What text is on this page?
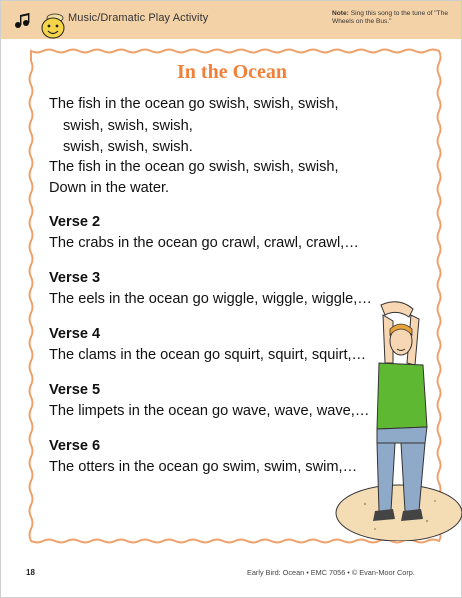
Music/Dramatic Play Activity	Note: Sing this song to the tune of "The Wheels on the Bus."
In the Ocean
The fish in the ocean go swish, swish, swish,
swish, swish, swish,
swish, swish, swish.
The fish in the ocean go swish, swish, swish,
Down in the water.
Verse 2
The crabs in the ocean go crawl, crawl, crawl,…
Verse 3
The eels in the ocean go wiggle, wiggle, wiggle,…
Verse 4
The clams in the ocean go squirt, squirt, squirt,…
Verse 5
The limpets in the ocean go wave, wave, wave,…
Verse 6
The otters in the ocean go swim, swim, swim,…
18	Early Bird: Ocean • EMC 7056 • © Evan-Moor Corp.
